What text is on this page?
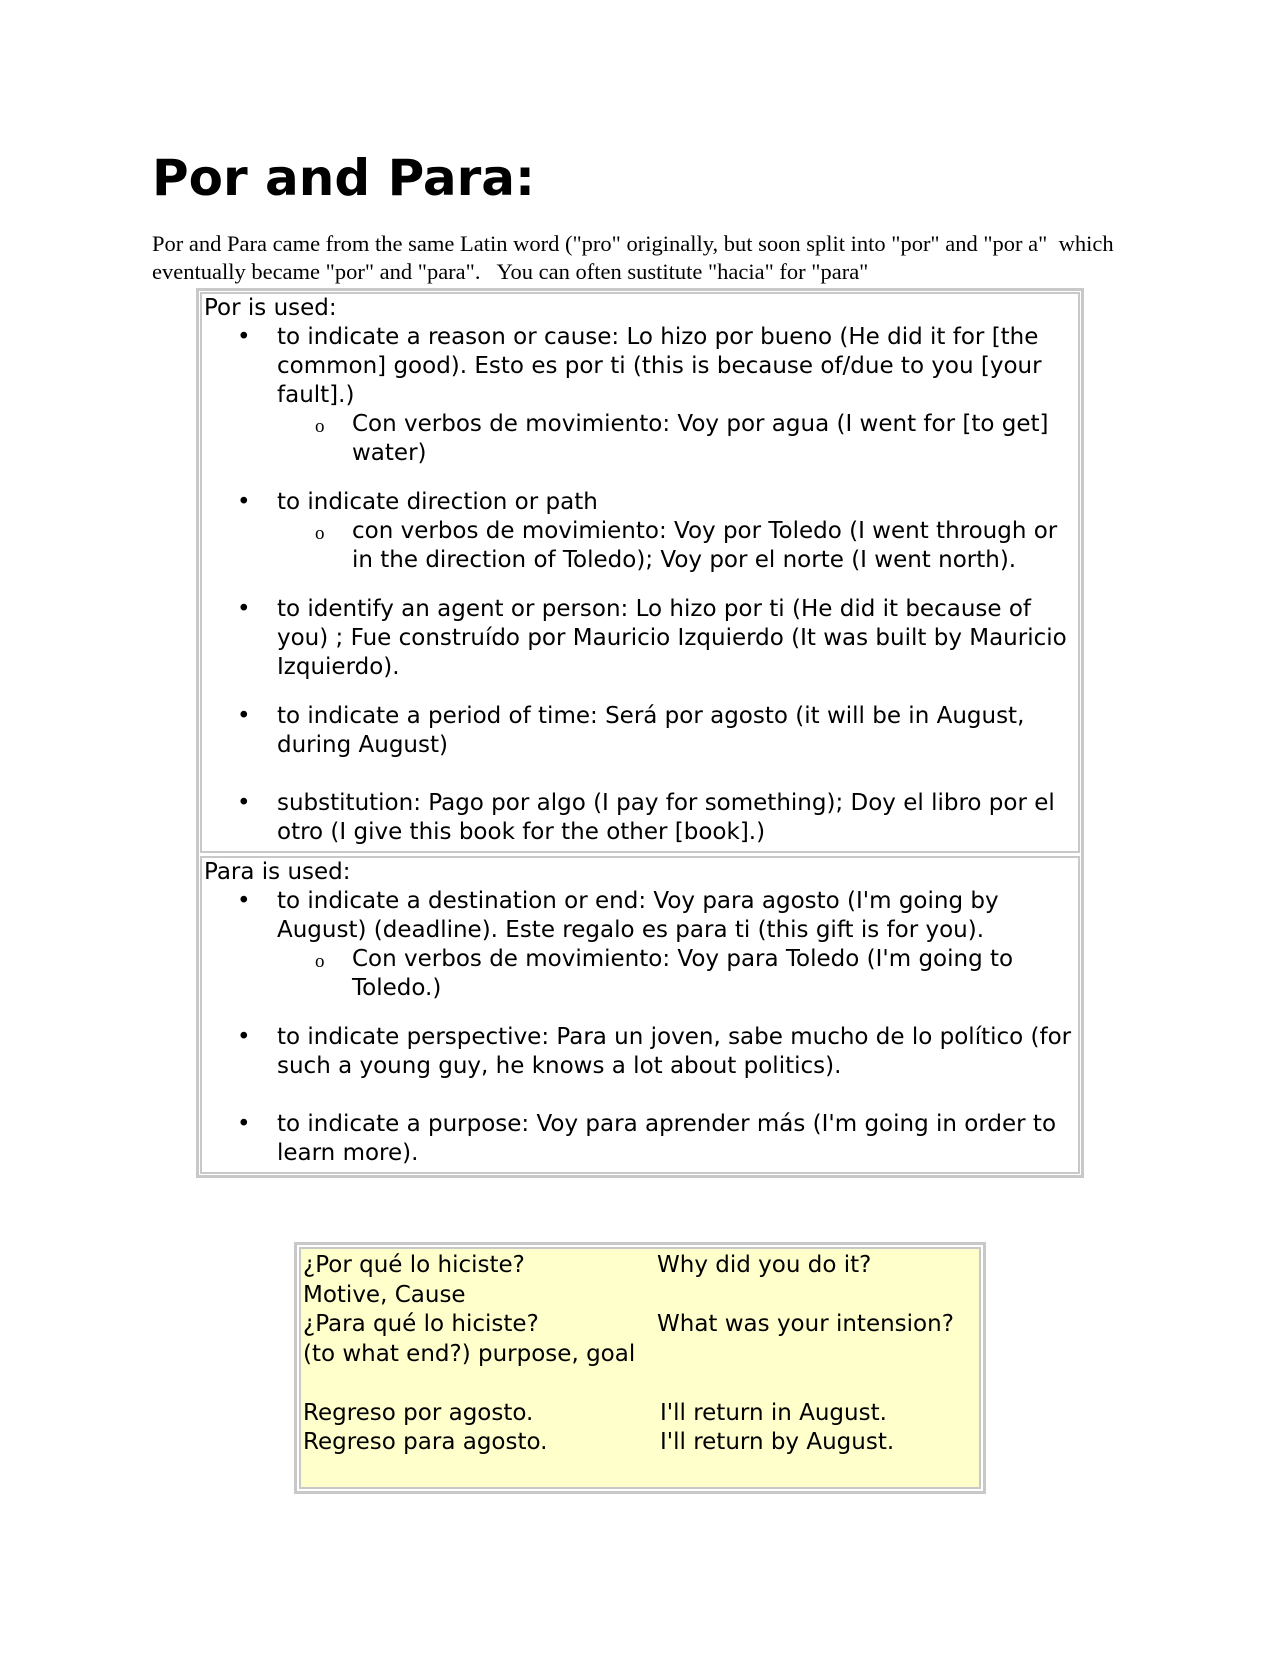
Por and Para:

Por and Para came from the same Latin word ("pro" originally, but soon split into "por" and "por a"  which eventually became "por" and "para".   You can often sustitute "hacia" for "para"

Por is used:

• to indicate a reason or cause: Lo hizo por bueno (He did it for [the common] good). Esto es por ti (this is because of/due to you [your fault].)
o Con verbos de movimiento: Voy por agua (I went for [to get] water)
• to indicate direction or path
o con verbos de movimiento: Voy por Toledo (I went through or in the direction of Toledo); Voy por el norte (I went north).
• to identify an agent or person: Lo hizo por ti (He did it because of you) ; Fue construído por Mauricio Izquierdo (It was built by Mauricio Izquierdo).
• to indicate a period of time: Será por agosto (it will be in August, during August)
• substitution: Pago por algo (I pay for something); Doy el libro por el otro (I give this book for the other [book].)

Para is used:

• to indicate a destination or end: Voy para agosto (I'm going by August) (deadline). Este regalo es para ti (this gift is for you).
o Con verbos de movimiento: Voy para Toledo (I'm going to Toledo.)
• to indicate perspective: Para un joven, sabe mucho de lo político (for such a young guy, he knows a lot about politics).
• to indicate a purpose: Voy para aprender más (I'm going in order to learn more).
¿Por qué lo hiciste?	Why did you do it?
Motive, Cause
¿Para qué lo hiciste?	What was your intension?
(to what end?) purpose, goal
Regreso por agosto.	I'll return in August.
Regreso para agosto.	I'll return by August.
